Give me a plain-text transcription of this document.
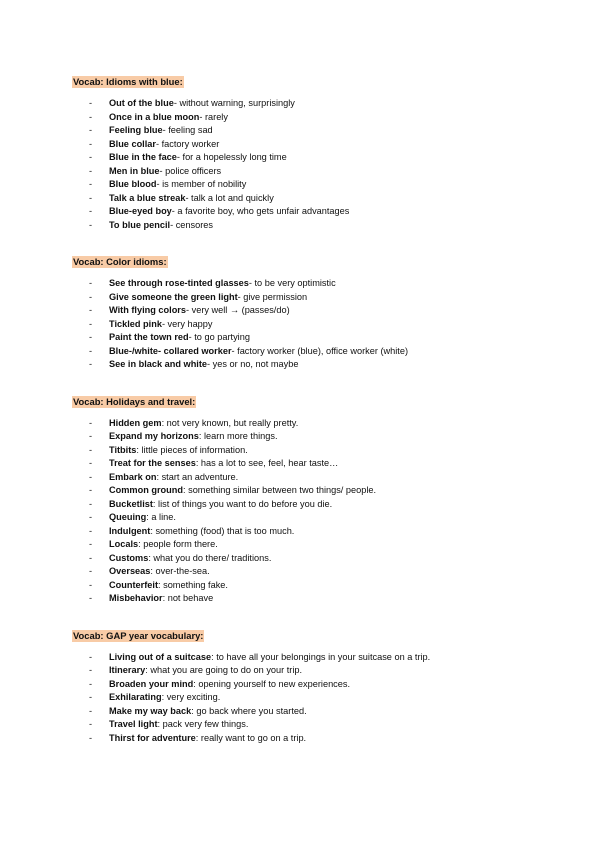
Vocab: Idioms with blue:
- Out of the blue- without warning, surprisingly
- Once in a blue moon- rarely
- Feeling blue- feeling sad
- Blue collar- factory worker
- Blue in the face- for a hopelessly long time
- Men in blue- police officers
- Blue blood- is member of nobility
- Talk a blue streak- talk a lot and quickly
- Blue-eyed boy- a favorite boy, who gets unfair advantages
- To blue pencil- censores
Vocab: Color idioms:
- See through rose-tinted glasses- to be very optimistic
- Give someone the green light- give permission
- With flying colors- very well → (passes/do)
- Tickled pink- very happy
- Paint the town red- to go partying
- Blue-/white- collared worker- factory worker (blue), office worker (white)
- See in black and white- yes or no, not maybe
Vocab: Holidays and travel:
- Hidden gem: not very known, but really pretty.
- Expand my horizons: learn more things.
- Titbits: little pieces of information.
- Treat for the senses: has a lot to see, feel, hear taste…
- Embark on: start an adventure.
- Common ground: something similar between two things/ people.
- Bucketlist: list of things you want to do before you die.
- Queuing: a line.
- Indulgent: something (food) that is too much.
- Locals: people form there.
- Customs: what you do there/ traditions.
- Overseas: over-the-sea.
- Counterfeit: something fake.
- Misbehavior: not behave
Vocab: GAP year vocabulary:
- Living out of a suitcase: to have all your belongings in your suitcase on a trip.
- Itinerary: what you are going to do on your trip.
- Broaden your mind: opening yourself to new experiences.
- Exhilarating: very exciting.
- Make my way back: go back where you started.
- Travel light: pack very few things.
- Thirst for adventure: really want to go on a trip.
